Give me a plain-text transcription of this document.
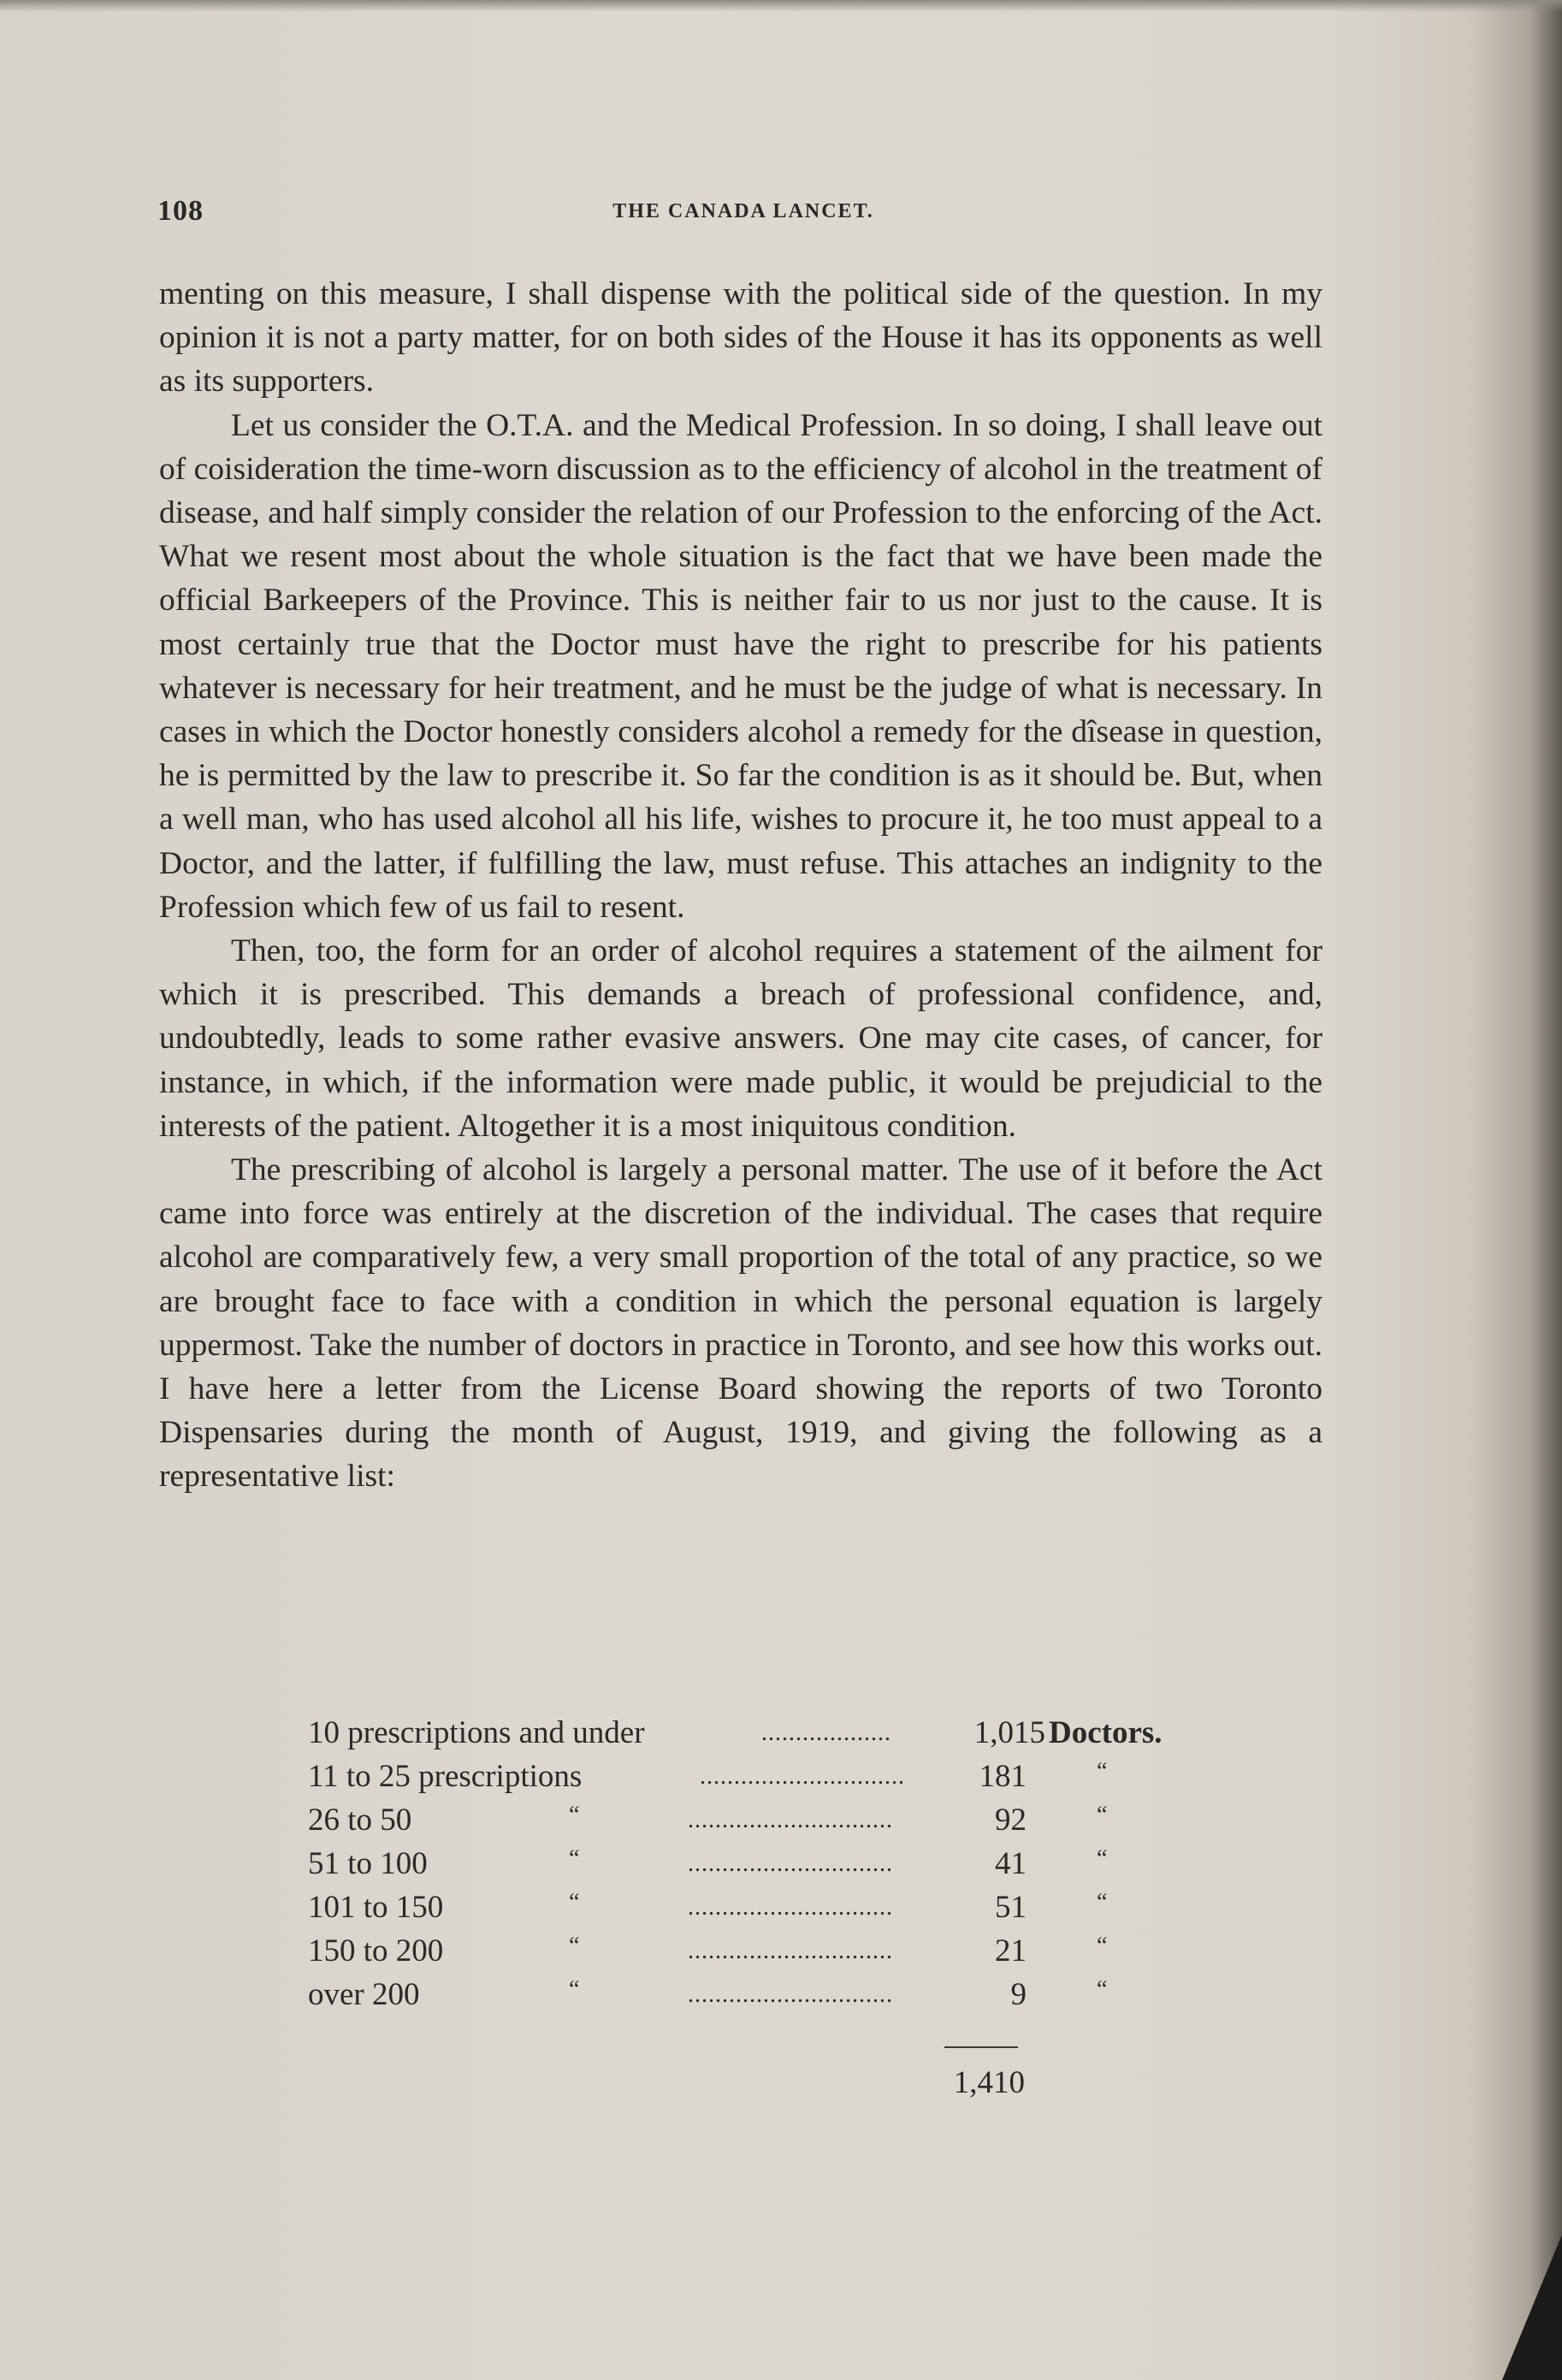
108	THE CANADA LANCET.

menting on this measure, I shall dispense with the political side of the question. In my opinion it is not a party matter, for on both sides of the House it has its opponents as well as its supporters.

Let us consider the O.T.A. and the Medical Profession. In so doing, I shall leave out of coisideration the time-worn discussion as to the efficiency of alcohol in the treatment of disease, and half simply consider the relation of our Profession to the enforcing of the Act. What we resent most about the whole situation is the fact that we have been made the official Barkeepers of the Province. This is neither fair to us nor just to the cause. It is most certainly true that the Doctor must have the right to prescribe for his patients whatever is necessary for heir treatment, and he must be the judge of what is necessary. In cases in which the Doctor honestly considers alcohol a remedy for the dîsease in question, he is permitted by the law to prescribe it. So far the condition is as it should be. But, when a well man, who has used alcohol all his life, wishes to procure it, he too must appeal to a Doctor, and the latter, if fulfilling the law, must refuse. This attaches an indignity to the Profession which few of us fail to resent.

Then, too, the form for an order of alcohol requires a statement of the ailment for which it is prescribed. This demands a breach of professional confidence, and, undoubtedly, leads to some rather evasive answers. One may cite cases, of cancer, for instance, in which, if the information were made public, it would be prejudicial to the interests of the patient. Altogether it is a most iniquitous condition.

The prescribing of alcohol is largely a personal matter. The use of it before the Act came into force was entirely at the discretion of the individual. The cases that require alcohol are comparatively few, a very small proportion of the total of any practice, so we are brought face to face with a condition in which the personal equation is largely uppermost. Take the number of doctors in practice in Toronto, and see how this works out. I have here a letter from the License Board showing the reports of two Toronto Dispensaries during the month of August, 1919, and giving the following as a representative list:

10 prescriptions and under	...................	1,015 Doctors.
11 to 25 prescriptions	..............................	181	“
26 to 50	“	..............................	92	“
51 to 100	“	..............................	41	“
101 to 150	“	..............................	51	“
150 to 200	“	..............................	21	“
over 200	“	..............................	9	“
1,410
